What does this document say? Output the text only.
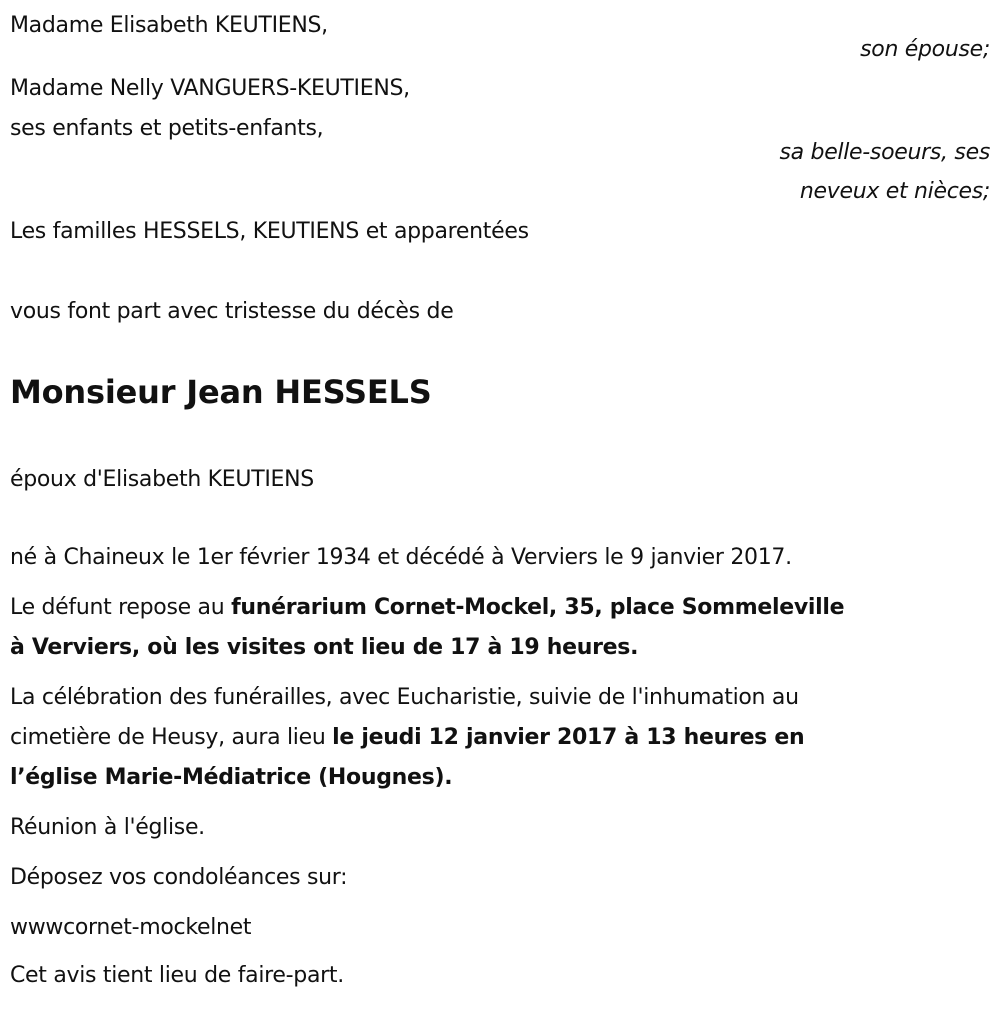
Madame Elisabeth KEUTIENS,
son épouse;
Madame Nelly VANGUERS-KEUTIENS,
ses enfants et petits-enfants,
sa belle-soeurs, ses
neveux et nièces;
Les familles HESSELS, KEUTIENS et apparentées
vous font part avec tristesse du décès de
Monsieur Jean HESSELS
époux d'Elisabeth KEUTIENS
né à Chaineux le 1er février 1934 et décédé à Verviers le 9 janvier 2017.
Le défunt repose au funérarium Cornet-Mockel, 35, place Sommeleville
à Verviers, où les visites ont lieu de 17 à 19 heures.
La célébration des funérailles, avec Eucharistie, suivie de l'inhumation au
cimetière de Heusy, aura lieu le jeudi 12 janvier 2017 à 13 heures en
l’église Marie-Médiatrice (Hougnes).
Réunion à l'église.
Déposez vos condoléances sur:
wwwcornet-mockelnet
Cet avis tient lieu de faire-part.
